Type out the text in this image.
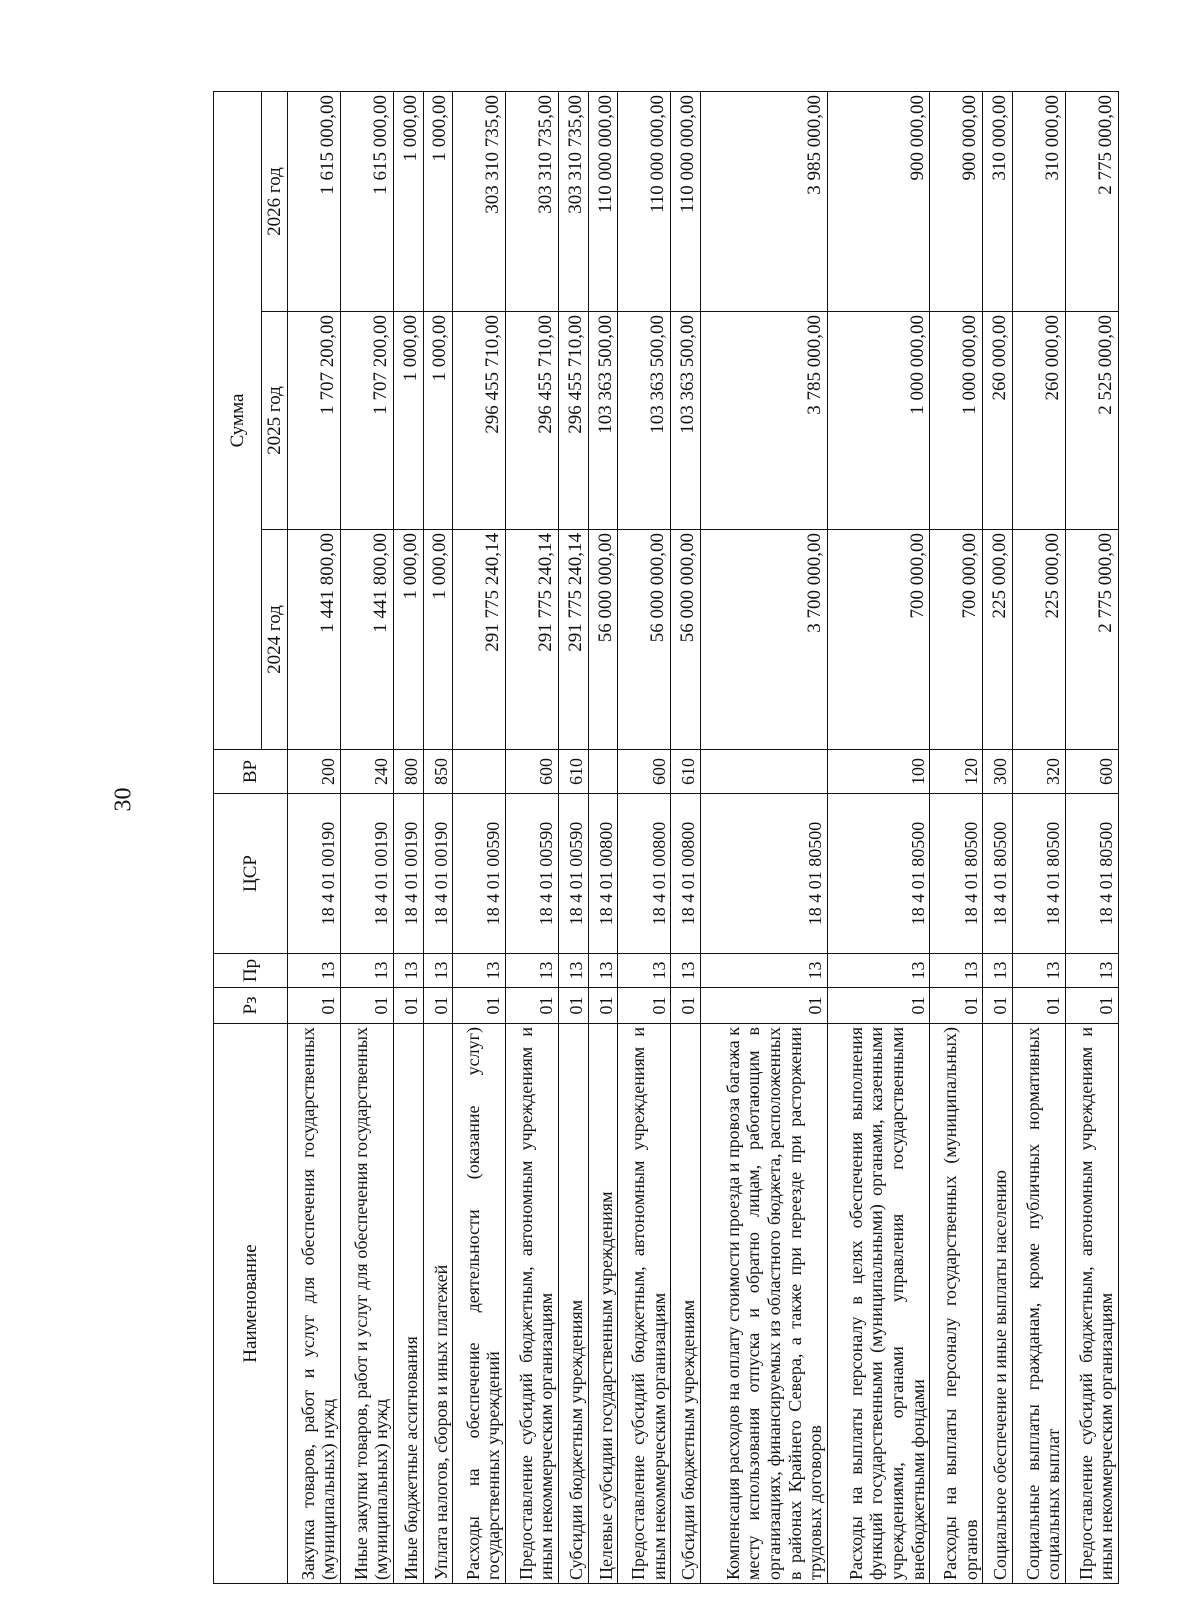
30
Наименование	Рз	Пр	ЦСР	ВР	Сумма		
					2024 год	2025 год	2026 год
Закупка товаров, работ и услуг для обеспечения государственных (муниципальных) нужд	01	13	18 4 01 00190	200	1 441 800,00	1 707 200,00	1 615 000,00
Иные закупки товаров, работ и услуг для обеспечения государственных (муниципальных) нужд	01	13	18 4 01 00190	240	1 441 800,00	1 707 200,00	1 615 000,00
Иные бюджетные ассигнования	01	13	18 4 01 00190	800	1 000,00	1 000,00	1 000,00
Уплата налогов, сборов и иных платежей	01	13	18 4 01 00190	850	1 000,00	1 000,00	1 000,00
Расходы на обеспечение деятельности (оказание услуг) государственных учреждений	01	13	18 4 01 00590		291 775 240,14	296 455 710,00	303 310 735,00
Предоставление субсидий бюджетным, автономным учреждениям и иным некоммерческим организациям	01	13	18 4 01 00590	600	291 775 240,14	296 455 710,00	303 310 735,00
Субсидии бюджетным учреждениям	01	13	18 4 01 00590	610	291 775 240,14	296 455 710,00	303 310 735,00
Целевые субсидии государственным учреждениям	01	13	18 4 01 00800		56 000 000,00	103 363 500,00	110 000 000,00
Предоставление субсидий бюджетным, автономным учреждениям и иным некоммерческим организациям	01	13	18 4 01 00800	600	56 000 000,00	103 363 500,00	110 000 000,00
Субсидии бюджетным учреждениям	01	13	18 4 01 00800	610	56 000 000,00	103 363 500,00	110 000 000,00
Компенсация расходов на оплату стоимости проезда и провоза багажа к месту использования отпуска и обратно лицам, работающим в организациях, финансируемых из областного бюджета, расположенных в районах Крайнего Севера, а также при переезде при расторжении трудовых договоров	01	13	18 4 01 80500		3 700 000,00	3 785 000,00	3 985 000,00
Расходы на выплаты персоналу в целях обеспечения выполнения функций государственными (муниципальными) органами, казенными учреждениями, органами управления государственными внебюджетными фондами	01	13	18 4 01 80500	100	700 000,00	1 000 000,00	900 000,00
Расходы на выплаты персоналу государственных (муниципальных) органов	01	13	18 4 01 80500	120	700 000,00	1 000 000,00	900 000,00
Социальное обеспечение и иные выплаты населению	01	13	18 4 01 80500	300	225 000,00	260 000,00	310 000,00
Социальные выплаты гражданам, кроме публичных нормативных социальных выплат	01	13	18 4 01 80500	320	225 000,00	260 000,00	310 000,00
Предоставление субсидий бюджетным, автономным учреждениям и иным некоммерческим организациям	01	13	18 4 01 80500	600	2 775 000,00	2 525 000,00	2 775 000,00
